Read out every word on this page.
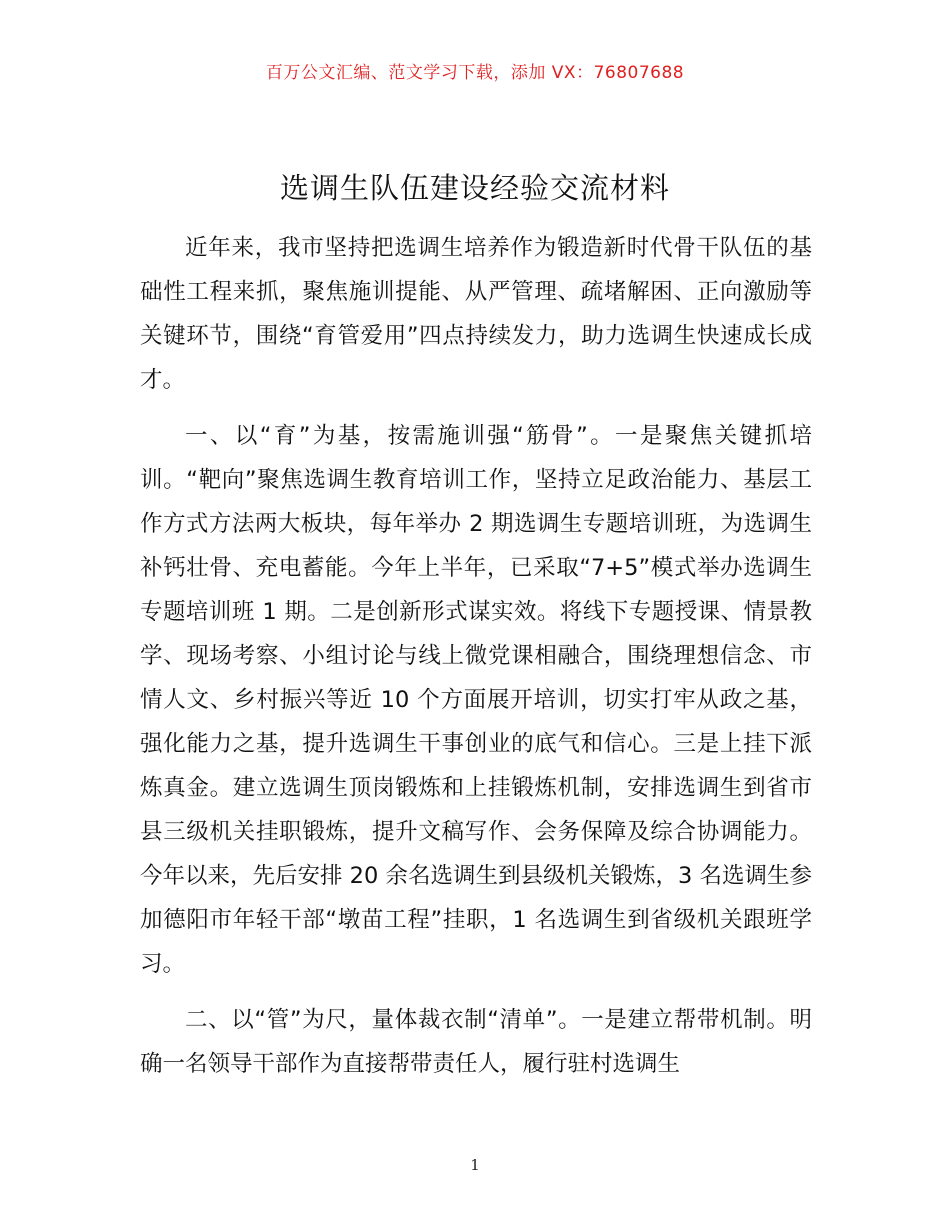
百万公文汇编、范文学习下载，添加 VX：76807688
选调生队伍建设经验交流材料

近年来，我市坚持把选调生培养作为锻造新时代骨干队伍的基础性工程来抓，聚焦施训提能、从严管理、疏堵解困、正向激励等关键环节，围绕“育管爱用”四点持续发力，助力选调生快速成长成才。

一、以“育”为基，按需施训强“筋骨”。一是聚焦关键抓培训。“靶向”聚焦选调生教育培训工作，坚持立足政治能力、基层工作方式方法两大板块，每年举办 2 期选调生专题培训班，为选调生补钙壮骨、充电蓄能。今年上半年，已采取“7+5”模式举办选调生专题培训班 1 期。二是创新形式谋实效。将线下专题授课、情景教学、现场考察、小组讨论与线上微党课相融合，围绕理想信念、市情人文、乡村振兴等近 10 个方面展开培训，切实打牢从政之基，强化能力之基，提升选调生干事创业的底气和信心。三是上挂下派炼真金。建立选调生顶岗锻炼和上挂锻炼机制，安排选调生到省市县三级机关挂职锻炼，提升文稿写作、会务保障及综合协调能力。今年以来，先后安排 20 余名选调生到县级机关锻炼，3 名选调生参加德阳市年轻干部“墩苗工程”挂职，1 名选调生到省级机关跟班学习。

二、以“管”为尺，量体裁衣制“清单”。一是建立帮带机制。明确一名领导干部作为直接帮带责任人，履行驻村选调生

1
